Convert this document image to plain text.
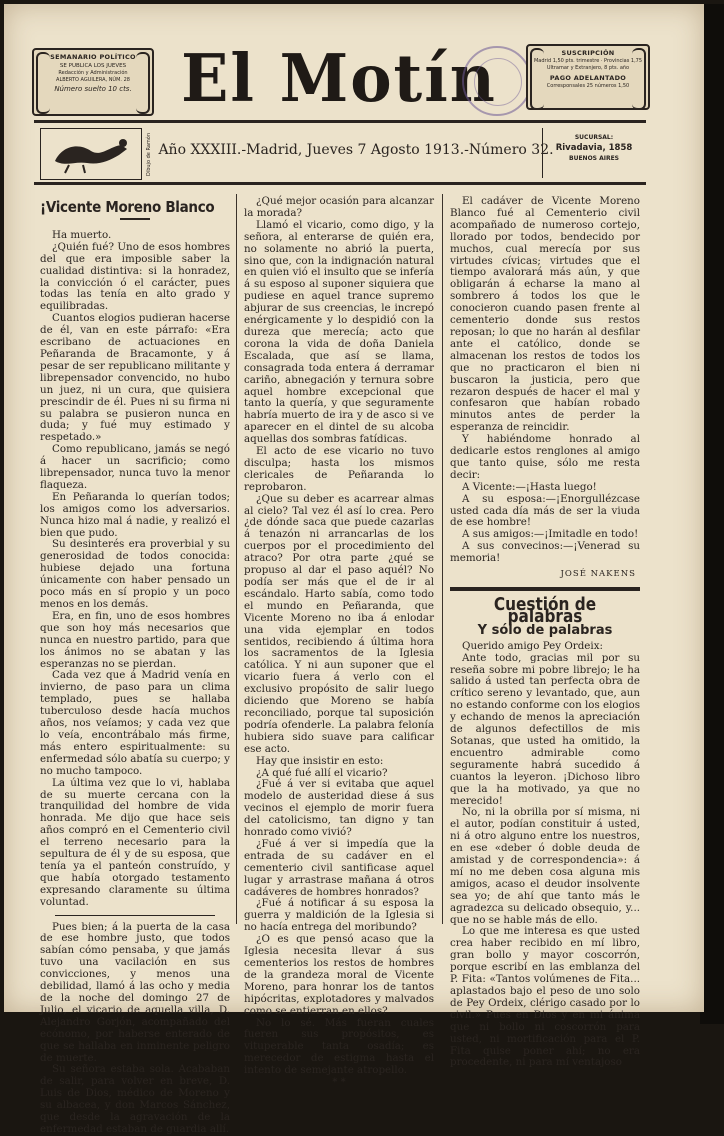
SEMANARIO POLÍTICO
SE PUBLICA LOS JUEVES
Redacción y Administración
ALBERTO AGUILERA, NÚM. 28
Número suelto 10 cts. El Motín	SUSCRIPCIÓN
Madrid 1,50 pts. trimestre · Provincias 1,75
Ultramar y Extranjero, 8 pts. año
PAGO ADELANTADO
Corresponsales 25 números 1,50
Dibujo de Ramón Año XXXIII.-Madrid, Jueves 7 Agosto 1913.-Número 32.
SUCURSAL:
Rivadavia, 1858
BUENOS AIRES

¡Vicente Moreno Blanco

Ha muerto.

¿Quién fué? Uno de esos hombres del que era imposible saber la cualidad distintiva: si la honradez, la convicción ó el carácter, pues todas las tenía en alto grado y equilibradas.

Cuantos elogios pudieran hacerse de él, van en este párrafo: «Era escribano de actuaciones en Peñaranda de Bracamonte, y á pesar de ser republicano militante y librepensador convencido, no hubo un juez, ni un cura, que quisiera prescindir de él. Pues ni su firma ni su palabra se pusieron nunca en duda; y fué muy estimado y respetado.»

Como republicano, jamás se negó á hacer un sacrificio; como librepensador, nunca tuvo la menor flaqueza.

En Peñaranda lo querían todos; los amigos como los adversarios. Nunca hizo mal á nadie, y realizó el bien que pudo.

Su desinterés era proverbial y su generosidad de todos conocida: hubiese dejado una fortuna únicamente con haber pensado un poco más en sí propio y un poco menos en los demás.

Era, en fin, uno de esos hombres que son hoy más necesarios que nunca en nuestro partido, para que los ánimos no se abatan y las esperanzas no se pierdan.

Cada vez que á Madrid venía en invierno, de paso para un clima templado, pues se hallaba tuberculoso desde hacía muchos años, nos veíamos; y cada vez que lo veía, encontrábalo más firme, más entero espiritualmente: su enfermedad sólo abatía su cuerpo; y no mucho tampoco.

La última vez que lo vi, hablaba de su muerte cercana con la tranquilidad del hombre de vida honrada. Me dijo que hace seis años compró en el Cementerio civil el terreno necesario para la sepultura de él y de su esposa, que tenía ya el panteón construído, y que había otorgado testamento expresando claramente su última voluntad.

Pues bien; á la puerta de la casa de ese hombre justo, que todos sabían cómo pensaba, y que jamás tuvo una vacilación en sus convicciones, y menos una debilidad, llamó á las ocho y media de la noche del domingo 27 de Julio, el vicario de aquella villa, D. Alejandro Gorjón, acompañado del ecónomo, por haberse enterado de que se hallaba en inminente peligro de muerte.

Su señora estaba sola. Acababan de salir, para volver en breve, D. Luis de Dios, médico de Moreno y su albacea, y don Marcos Sánchez, que desde la agravación de la enfermedad estaban de guardia allí.

¿Qué mejor ocasión para alcanzar la morada?

Llamó el vicario, como digo, y la señora, al enterarse de quién era, no solamente no abrió la puerta, sino que, con la indignación natural en quien vió el insulto que se infería á su esposo al suponer siquiera que pudiese en aquel trance supremo abjurar de sus creencias, le increpó enérgicamente y lo despidió con la dureza que merecía; acto que corona la vida de doña Daniela Escalada, que así se llama, consagrada toda entera á derramar cariño, abnegación y ternura sobre aquel hombre excepcional que tanto la quería, y que seguramente habría muerto de ira y de asco si ve aparecer en el dintel de su alcoba aquellas dos sombras fatídicas.

El acto de ese vicario no tuvo disculpa; hasta los mismos clericales de Peñaranda lo reprobaron.

¿Que su deber es acarrear almas al cielo? Tal vez él así lo crea. Pero ¿de dónde saca que puede cazarlas á tenazón ni arrancarlas de los cuerpos por el procedimiento del atraco? Por otra parte ¿qué se propuso al dar el paso aquél? No podía ser más que el de ir al escándalo. Harto sabía, como todo el mundo en Peñaranda, que Vicente Moreno no iba á enlodar una vida ejemplar en todos sentidos, recibiendo á última hora los sacramentos de la Iglesia católica. Y ni aun suponer que el vicario fuera á verlo con el exclusivo propósito de salir luego diciendo que Moreno se había reconciliado, porque tal suposición podría ofenderle. La palabra felonía hubiera sido suave para calificar ese acto.

Hay que insistir en esto:

¿A qué fué allí el vicario?

¿Fué á ver si evitaba que aquel modelo de austeridad diese á sus vecinos el ejemplo de morir fuera del catolicismo, tan digno y tan honrado como vivió?

¿Fué á ver si impedía que la entrada de su cadáver en el cementerio civil santificase aquel lugar y arrastrase mañana á otros cadáveres de hombres honrados?

¿Fué á notificar á su esposa la guerra y maldición de la Iglesia si no hacía entrega del moribundo?

¿O es que pensó acaso que la Iglesia necesita llevar á sus cementerios los restos de hombres de la grandeza moral de Vicente Moreno, para honrar los de tantos hipócritas, explotadores y malvados como se entierran en ellos?

No lo sé. Más fueran cuales fueren sus propósitos, es vituperable tanta osadía; es merecedor de estigma hasta el intento de semejante atropello.

* *

El cadáver de Vicente Moreno Blanco fué al Cementerio civil acompañado de numeroso cortejo, llorado por todos, bendecido por muchos, cual merecía por sus virtudes cívicas; virtudes que el tiempo avalorará más aún, y que obligarán á echarse la mano al sombrero á todos los que le conocieron cuando pasen frente al cementerio donde sus restos reposan; lo que no harán al desfilar ante el católico, donde se almacenan los restos de todos los que no practicaron el bien ni buscaron la justicia, pero que rezaron después de hacer el mal y confesaron que habían robado minutos antes de perder la esperanza de reincidir.

Y habiéndome honrado al dedicarle estos renglones al amigo que tanto quise, sólo me resta decir:

A Vicente:—¡Hasta luego!

A su esposa:—¡Enorgullézcase usted cada día más de ser la viuda de ese hombre!

A sus amigos:—¡Imitadle en todo!

A sus convecinos:—¡Venerad su memoria!

JOSÉ NAKENS

Cuestión de palabras

Y sólo de palabras

Querido amigo Pey Ordeix:

Ante todo, gracias mil por su reseña sobre mi pobre librejo; le ha salido á usted tan perfecta obra de crítico sereno y levantado, que, aun no estando conforme con los elogios y echando de menos la apreciación de algunos defectillos de mis Sotanas, que usted ha omitido, la encuentro admirable como seguramente habrá sucedido á cuantos la leyeron. ¡Dichoso libro que la ha motivado, ya que no merecido!

No, ni la obrilla por sí misma, ni el autor, podían constituir á usted, ni á otro alguno entre los nuestros, en ese «deber ó doble deuda de amistad y de correspondencia»: á mí no me deben cosa alguna mis amigos, acaso el deudor insolvente sea yo; de ahí que tanto más le agradezca su delicado obsequio, y... que no se hable más de ello.

Lo que me interesa es que usted crea haber recibido en mí libro, gran bollo y mayor coscorrón, porque escribí en las emblanza del P. Fita: «Tantos volúmenes de Fita... aplastados bajo el peso de uno solo de Pey Ordeix, clérigo casado por lo civil.» Pues en Dios y en mi ánima que ni bollo ni coscorrón para usted, ni mortificación para el P. Fita quise poner ahí; no era procedente, ni para mí ventajoso
